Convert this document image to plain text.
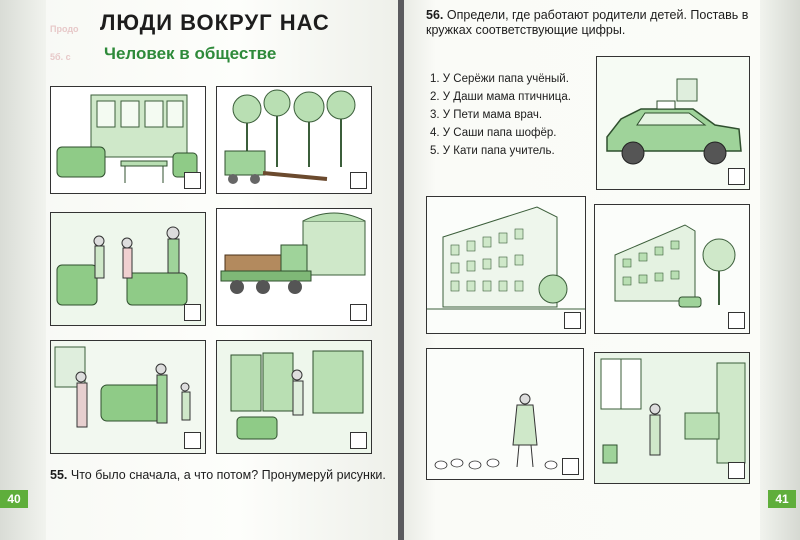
Продо
5б. с
ЛЮДИ ВОКРУГ НАС
Человек в обществе
55. Что было сначала, а что потом? Пронумеруй рисунки.
40
56. Определи, где работают родители детей. Поставь в кружках соответствующие цифры.
1. У Серёжи папа учёный.
2. У Даши мама птичница.
3. У Пети мама врач.
4. У Саши папа шофёр.
5. У Кати папа учитель.
41
